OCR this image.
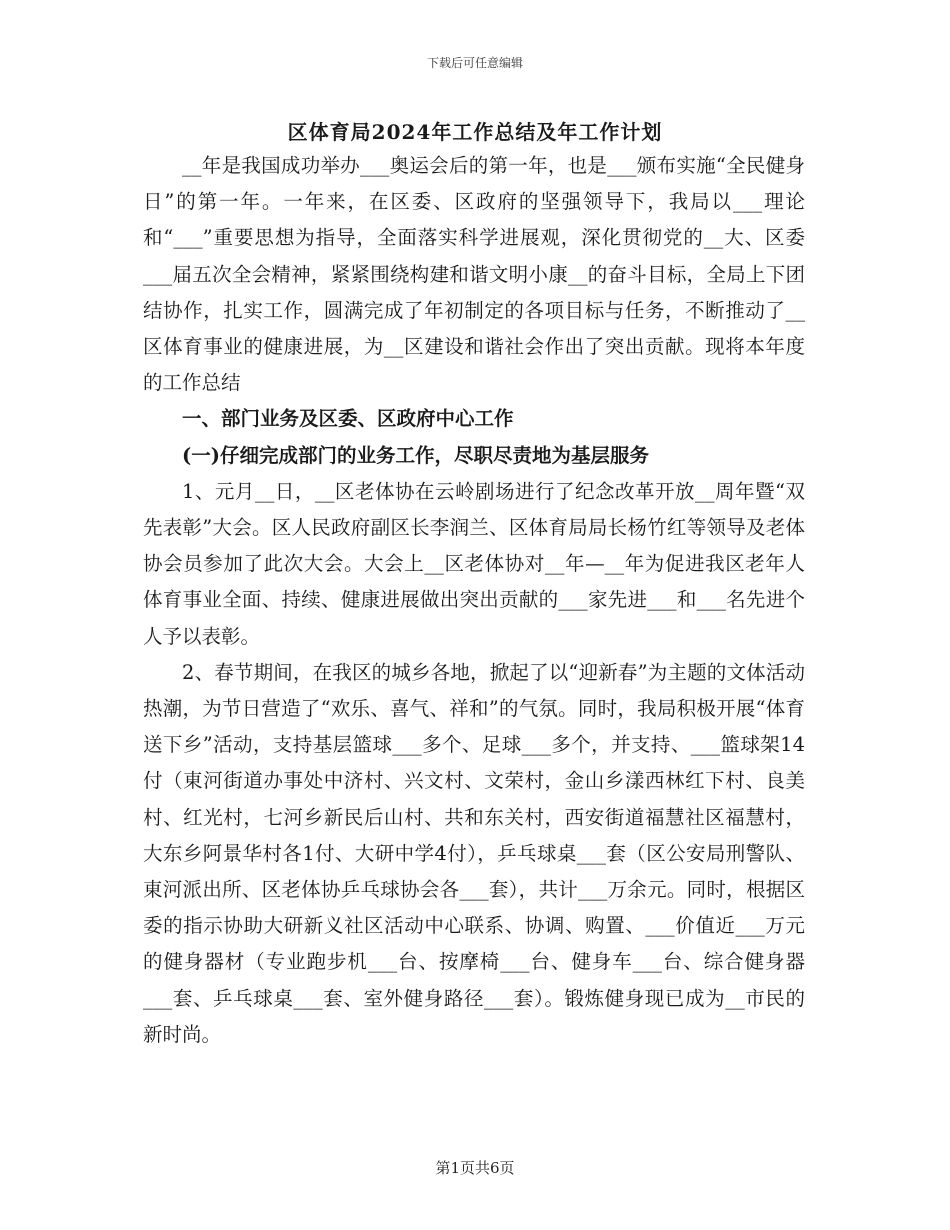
下载后可任意编辑
区体育局2024年工作总结及年工作计划

__年是我国成功举办___奥运会后的第一年，也是___颁布实施“全民健身日”的第一年。一年来，在区委、区政府的坚强领导下，我局以___理论和“___”重要思想为指导，全面落实科学进展观，深化贯彻党的__大、区委___届五次全会精神，紧紧围绕构建和谐文明小康__的奋斗目标，全局上下团结协作，扎实工作，圆满完成了年初制定的各项目标与任务，不断推动了__区体育事业的健康进展，为__区建设和谐社会作出了突出贡献。现将本年度的工作总结

一、部门业务及区委、区政府中心工作

(一)仔细完成部门的业务工作，尽职尽责地为基层服务

1、元月__日，__区老体协在云岭剧场进行了纪念改革开放__周年暨“双先表彰”大会。区人民政府副区长李润兰、区体育局局长杨竹红等领导及老体协会员参加了此次大会。大会上__区老体协对__年—__年为促进我区老年人体育事业全面、持续、健康进展做出突出贡献的___家先进___和___名先进个人予以表彰。

2、春节期间，在我区的城乡各地，掀起了以“迎新春”为主题的文体活动热潮，为节日营造了“欢乐、喜气、祥和”的气氛。同时，我局积极开展“体育送下乡”活动，支持基层篮球___多个、足球___多个，并支持、___篮球架14付（東河街道办事处中济村、兴文村、文荣村，金山乡漾西林红下村、良美村、红光村，七河乡新民后山村、共和东关村，西安街道福慧社区福慧村，大东乡阿景华村各1付、大研中学4付），乒乓球桌___套（区公安局刑警队、東河派出所、区老体协乒乓球协会各___套），共计___万余元。同时，根据区委的指示协助大研新义社区活动中心联系、协调、购置、___价值近___万元的健身器材（专业跑步机___台、按摩椅___台、健身车___台、综合健身器___套、乒乓球桌___套、室外健身路径___套）。锻炼健身现已成为__市民的新时尚。

第1页共6页
